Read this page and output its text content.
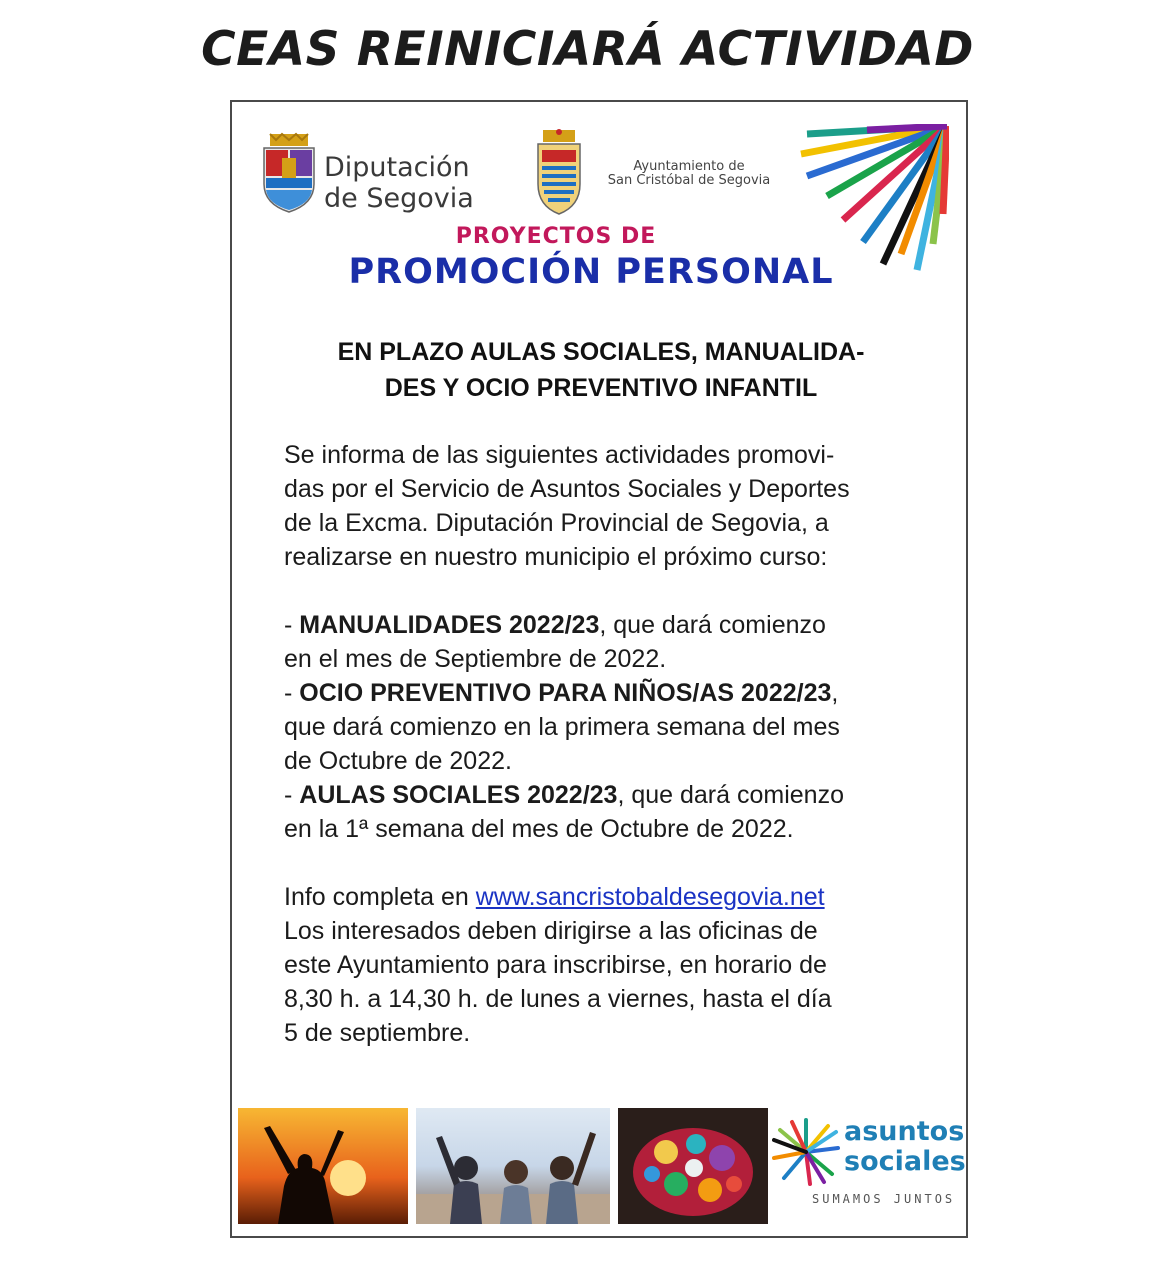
CEAS REINICIARÁ ACTIVIDAD
Diputación
de Segovia
Ayuntamiento de
San Cristóbal de Segovia
PROYECTOS DE
PROMOCIÓN PERSONAL
EN PLAZO AULAS SOCIALES, MANUALIDA-
DES Y OCIO PREVENTIVO INFANTIL

Se informa de las siguientes actividades promovi-

das por el Servicio de Asuntos Sociales y Deportes

de la Excma. Diputación Provincial de Segovia, a

realizarse en nuestro municipio el próximo curso:

- MANUALIDADES 2022/23, que dará comienzo

en el mes de Septiembre de 2022.

- OCIO PREVENTIVO PARA NIÑOS/AS 2022/23,

que dará comienzo en la primera semana del mes

de Octubre de 2022.

- AULAS SOCIALES 2022/23, que dará comienzo

en la 1ª semana del mes de Octubre de 2022.

Info completa en www.sancristobaldesegovia.net

Los interesados deben dirigirse a las oficinas de

este Ayuntamiento para inscribirse, en horario de

8,30 h. a 14,30 h. de lunes a viernes, hasta el día

5 de septiembre.

asuntos
sociales
SUMAMOS JUNTOS
